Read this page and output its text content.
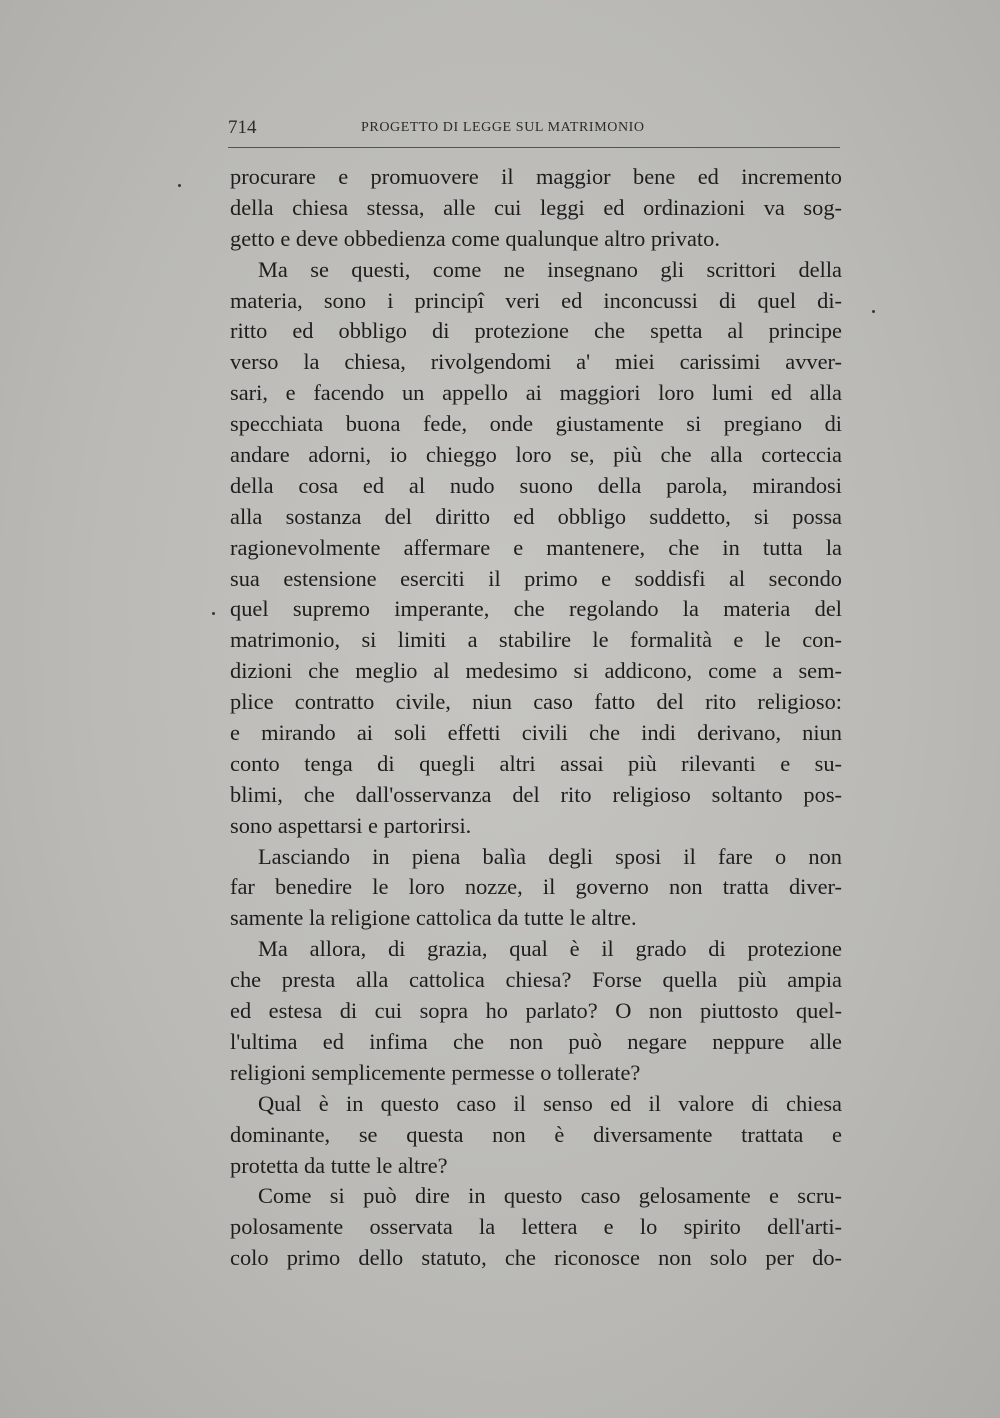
714	PROGETTO DI LEGGE SUL MATRIMONIO
procurare e promuovere il maggior bene ed incremento
della chiesa stessa, alle cui leggi ed ordinazioni va sog-
getto e deve obbedienza come qualunque altro privato.
Ma se questi, come ne insegnano gli scrittori della
materia, sono i principî veri ed inconcussi di quel di-
ritto ed obbligo di protezione che spetta al principe
verso la chiesa, rivolgendomi a' miei carissimi avver-
sari, e facendo un appello ai maggiori loro lumi ed alla
specchiata buona fede, onde giustamente si pregiano di
andare adorni, io chieggo loro se, più che alla corteccia
della cosa ed al nudo suono della parola, mirandosi
alla sostanza del diritto ed obbligo suddetto, si possa
ragionevolmente affermare e mantenere, che in tutta la
sua estensione eserciti il primo e soddisfi al secondo
quel supremo imperante, che regolando la materia del
matrimonio, si limiti a stabilire le formalità e le con-
dizioni che meglio al medesimo si addicono, come a sem-
plice contratto civile, niun caso fatto del rito religioso:
e mirando ai soli effetti civili che indi derivano, niun
conto tenga di quegli altri assai più rilevanti e su-
blimi, che dall'osservanza del rito religioso soltanto pos-
sono aspettarsi e partorirsi.
Lasciando in piena balìa degli sposi il fare o non
far benedire le loro nozze, il governo non tratta diver-
samente la religione cattolica da tutte le altre.
Ma allora, di grazia, qual è il grado di protezione
che presta alla cattolica chiesa? Forse quella più ampia
ed estesa di cui sopra ho parlato? O non piuttosto quel-
l'ultima ed infima che non può negare neppure alle
religioni semplicemente permesse o tollerate?
Qual è in questo caso il senso ed il valore di chiesa
dominante, se questa non è diversamente trattata e
protetta da tutte le altre?
Come si può dire in questo caso gelosamente e scru-
polosamente osservata la lettera e lo spirito dell'arti-
colo primo dello statuto, che riconosce non solo per do-
